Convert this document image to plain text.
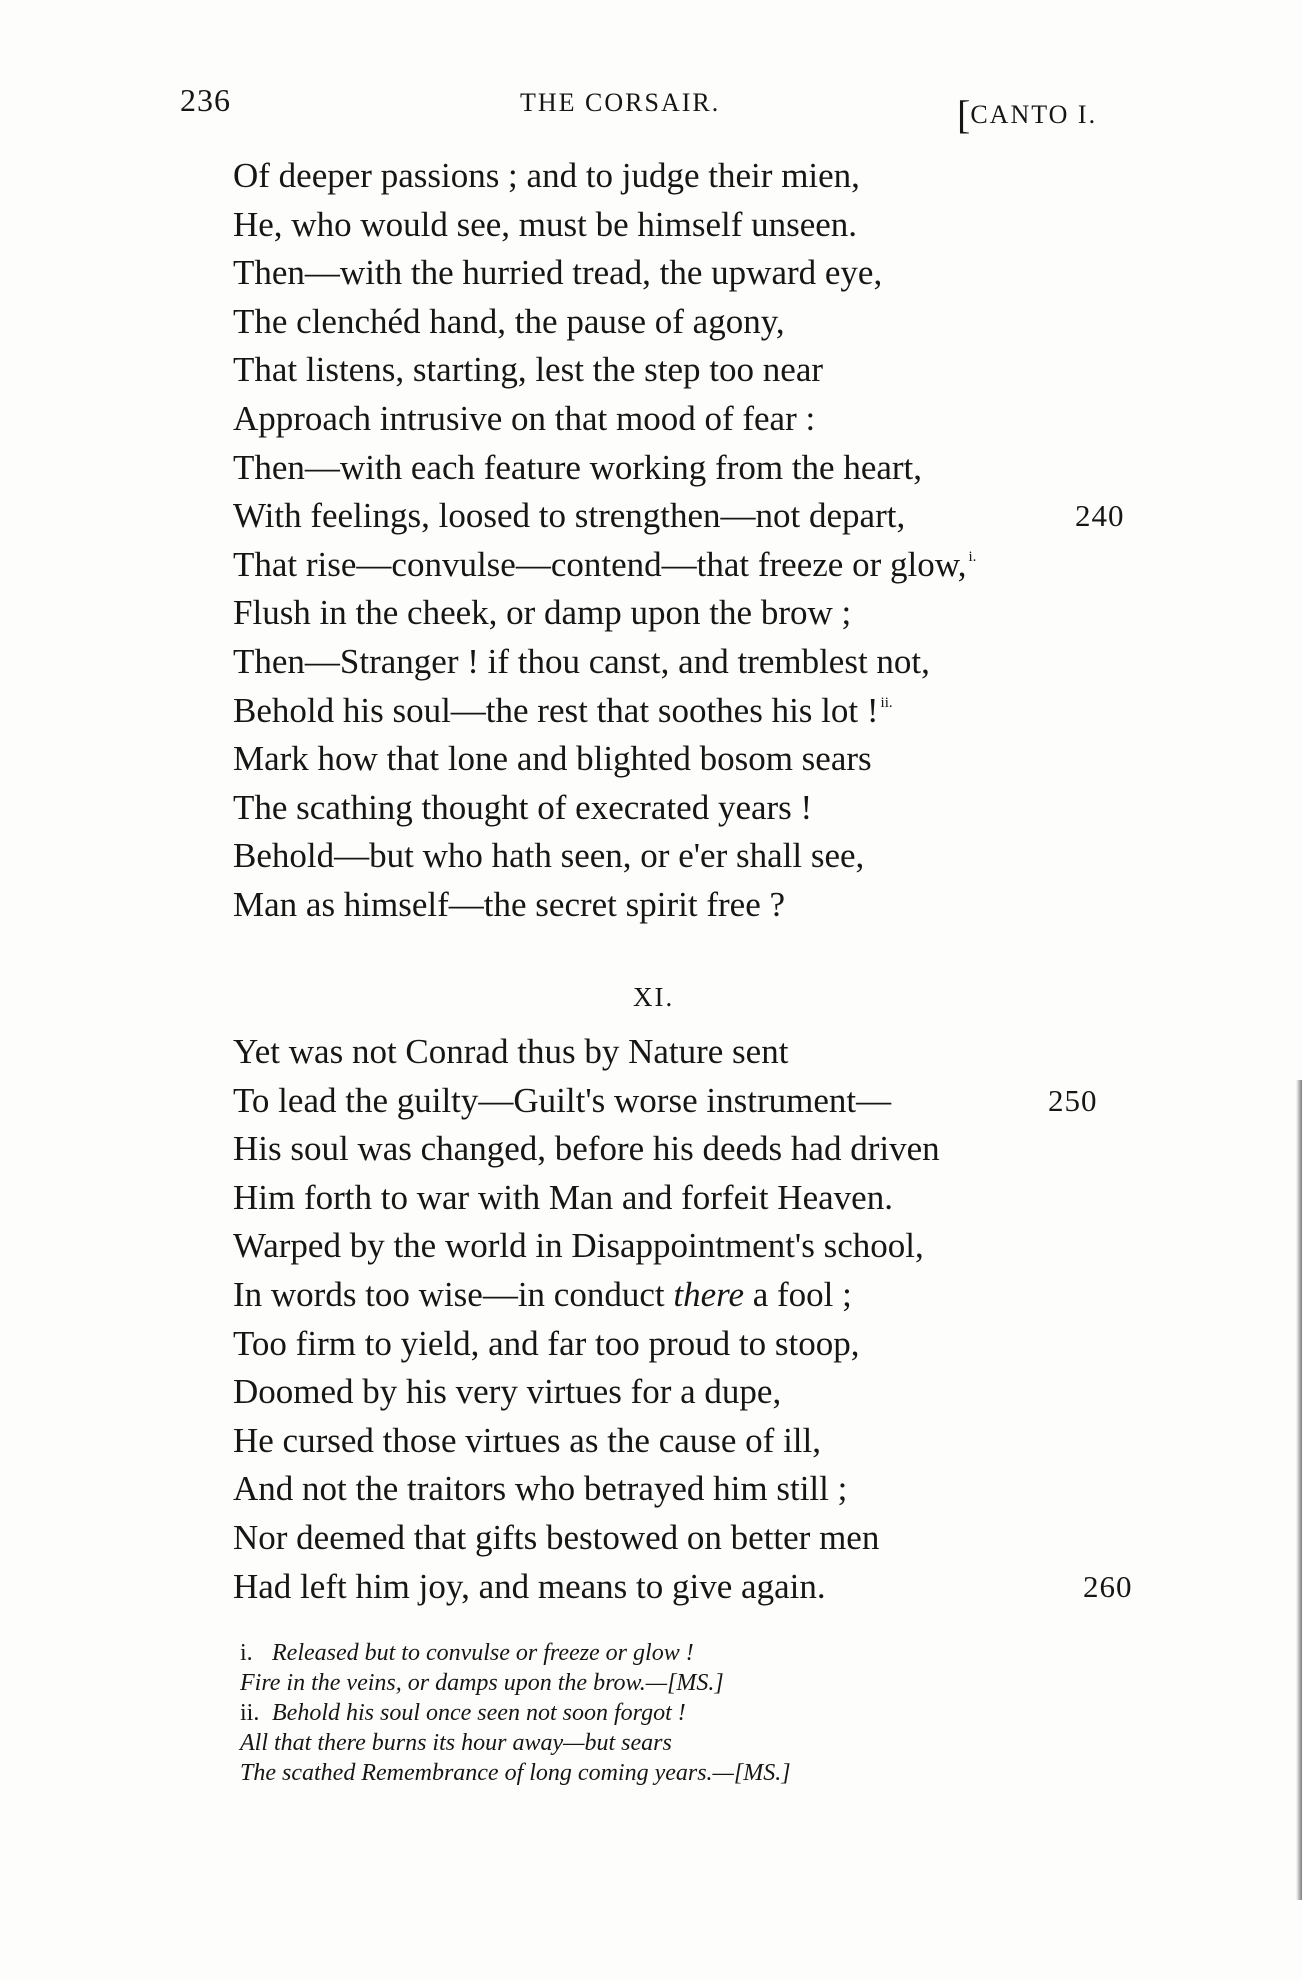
236	THE CORSAIR.	[CANTO I.
Of deeper passions ; and to judge their mien,
He, who would see, must be himself unseen.
Then—with the hurried tread, the upward eye,
The clenchéd hand, the pause of agony,
That listens, starting, lest the step too near
Approach intrusive on that mood of fear :
Then—with each feature working from the heart,
With feelings, loosed to strengthen—not depart,	240
That rise—convulse—contend—that freeze or glow, $^{i.}$
Flush in the cheek, or damp upon the brow ;
Then—Stranger ! if thou canst, and tremblest not,
Behold his soul—the rest that soothes his lot ! $^{ii.}$
Mark how that lone and blighted bosom sears
The scathing thought of execrated years !
Behold—but who hath seen, or e'er shall see,
Man as himself—the secret spirit free ?
XI.
Yet was not Conrad thus by Nature sent
To lead the guilty—Guilt's worse instrument—	250
His soul was changed, before his deeds had driven
Him forth to war with Man and forfeit Heaven.
Warped by the world in Disappointment's school,
In words too wise—in conduct there a fool ;
Too firm to yield, and far too proud to stoop,
Doomed by his very virtues for a dupe,
He cursed those virtues as the cause of ill,
And not the traitors who betrayed him still ;
Nor deemed that gifts bestowed on better men
Had left him joy, and means to give again.	260
i. Released but to convulse or freeze or glow !
Fire in the veins, or damps upon the brow.—[MS.]
ii. Behold his soul once seen not soon forgot !
All that there burns its hour away—but sears
The scathed Remembrance of long coming years.—[MS.]
